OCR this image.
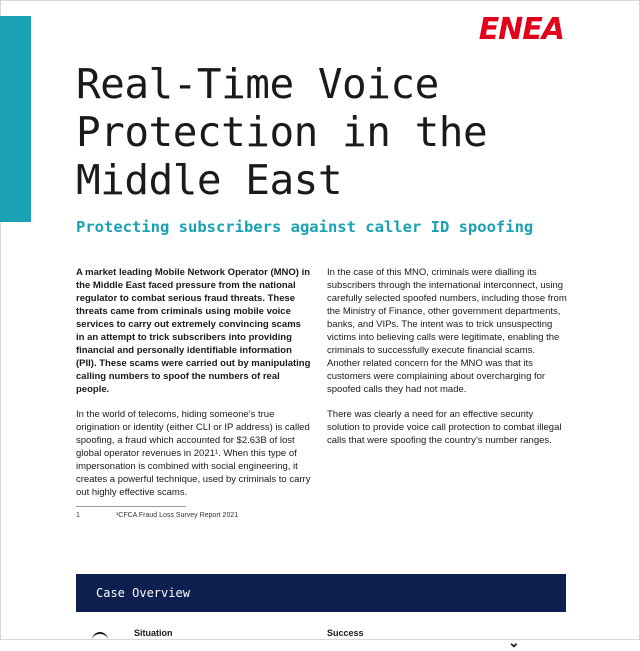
ENEA
Real-Time Voice Protection in the Middle East
Protecting subscribers against caller ID spoofing

A market leading Mobile Network Operator (MNO) in the Middle East faced pressure from the national regulator to combat serious fraud threats. These threats came from criminals using mobile voice services to carry out extremely convincing scams in an attempt to trick subscribers into providing financial and personally identifiable information (PII). These scams were carried out by manipulating calling numbers to spoof the numbers of real people.

In the world of telecoms, hiding someone’s true origination or identity (either CLI or IP address) is called spoofing, a fraud which accounted for $2.63B of lost global operator revenues in 2021¹. When this type of impersonation is combined with social engineering, it creates a powerful technique, used by criminals to carry out highly effective scams.

In the case of this MNO, criminals were dialling its subscribers through the international interconnect, using carefully selected spoofed numbers, including those from the Ministry of Finance, other government departments, banks, and VIPs. The intent was to trick unsuspecting victims into believing calls were legitimate, enabling the criminals to successfully execute financial scams. Another related concern for the MNO was that its customers were complaining about overcharging for spoofed calls they had not made.

There was clearly a need for an effective security solution to provide voice call protection to combat illegal calls that were spoofing the country’s number ranges.

1	¹CFCA Fraud Loss Survey Report 2021
Case Overview
Situation	Success
⌄
